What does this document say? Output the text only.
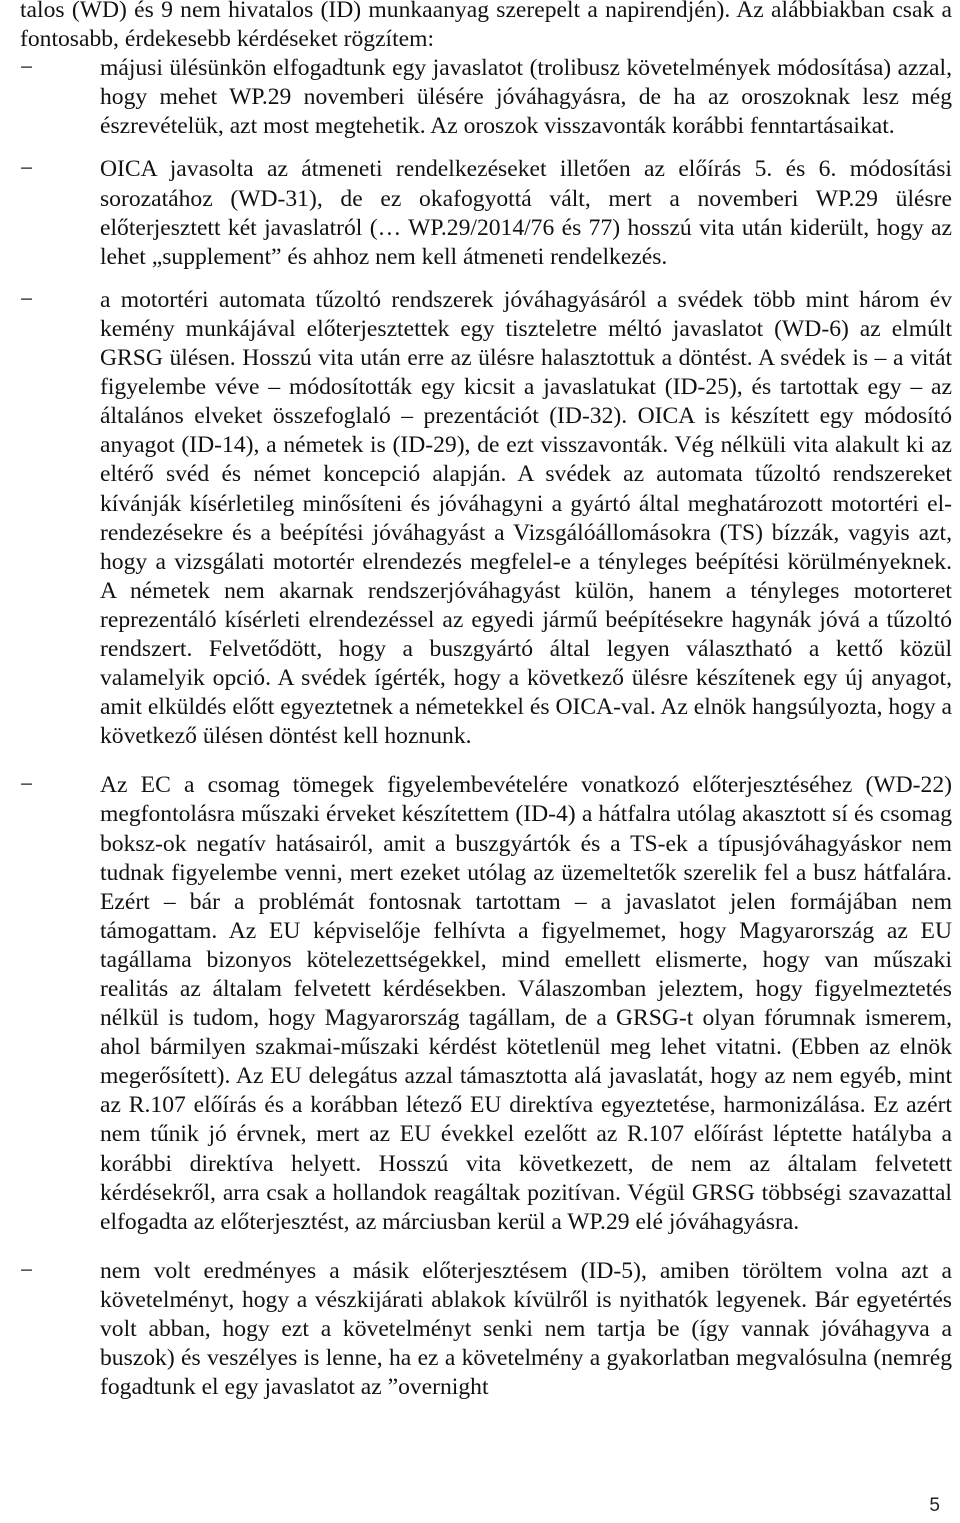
talos (WD) és 9 nem hivatalos (ID) munkaanyag szerepelt a napirendjén). Az alábbiakban csak a fontosabb, érdekesebb kérdéseket rögzítem:

−	májusi ülésünkön elfogadtunk egy javaslatot (trolibusz követelmények módosítása) azzal, hogy mehet WP.29 novemberi ülésére jóváhagyásra, de ha az oroszoknak lesz még észrevételük, azt most megtehetik. Az oroszok visszavonták korábbi fenntartásaikat.
−	OICA javasolta az átmeneti rendelkezéseket illetően az előírás 5. és 6. módosítási sorozatához (WD-31), de ez okafogyottá vált, mert a novemberi WP.29 ülésre előterjesztett két javaslatról (… WP.29/2014/76 és 77) hosszú vita után kiderült, hogy az lehet „supplement” és ahhoz nem kell átmeneti rendelkezés.
−	a motortéri automata tűzoltó rendszerek jóváhagyásáról a svédek több mint három év kemény munkájával előterjesztettek egy tiszteletre méltó javaslatot (WD-6) az elmúlt GRSG ülésen. Hosszú vita után erre az ülésre halasztottuk a döntést. A svédek is – a vitát figyelembe véve – módosították egy kicsit a javaslatukat (ID-25), és tartottak egy – az általános elveket összefoglaló – prezentációt (ID-32). OICA is készített egy módosító anyagot (ID-14), a németek is (ID-29), de ezt visszavonták. Vég nélküli vita alakult ki az eltérő svéd és német koncepció alapján. A svédek az automata tűzoltó rendszereket kívánják kísérletileg minősíteni és jóváhagyni a gyártó által meghatározott motortéri elrendezésekre és a beépítési jóváhagyást a Vizsgálóállomásokra (TS) bízzák, vagyis azt, hogy a vizsgálati motortér elrendezés megfelel-e a tényleges beépítési körülményeknek. A németek nem akarnak rendszerjóváhagyást külön, hanem a tényleges motorteret reprezentáló kísérleti elrendezéssel az egyedi jármű beépítésekre hagynák jóvá a tűzoltó rendszert. Felvetődött, hogy a buszgyártó által legyen választható a kettő közül valamelyik opció. A svédek ígérték, hogy a következő ülésre készítenek egy új anyagot, amit elküldés előtt egyeztetnek a németekkel és OICA-val. Az elnök hangsúlyozta, hogy a következő ülésen döntést kell hoznunk.
−	Az EC a csomag tömegek figyelembevételére vonatkozó előterjesztéséhez (WD-22) megfontolásra műszaki érveket készítettem (ID-4) a hátfalra utólag akasztott sí és csomag boksz-ok negatív hatásairól, amit a buszgyártók és a TS-ek a típusjóváhagyáskor nem tudnak figyelembe venni, mert ezeket utólag az üzemeltetők szerelik fel a busz hátfalára. Ezért – bár a problémát fontosnak tartottam – a javaslatot jelen formájában nem támogattam. Az EU képviselője felhívta a figyelmemet, hogy Magyarország az EU tagállama bizonyos kötelezettségekkel, mind emellett elismerte, hogy van műszaki realitás az általam felvetett kérdésekben. Válaszomban jeleztem, hogy figyelmeztetés nélkül is tudom, hogy Magyarország tagállam, de a GRSG-t olyan fórumnak ismerem, ahol bármilyen szakmai-műszaki kérdést kötetlenül meg lehet vitatni. (Ebben az elnök megerősített). Az EU delegátus azzal támasztotta alá javaslatát, hogy az nem egyéb, mint az R.107 előírás és a korábban létező EU direktíva egyeztetése, harmonizálása. Ez azért nem tűnik jó érvnek, mert az EU évekkel ezelőtt az R.107 előírást léptette hatályba a korábbi direktíva helyett. Hosszú vita következett, de nem az általam felvetett kérdésekről, arra csak a hollandok reagáltak pozitívan. Végül GRSG többségi szavazattal elfogadta az előterjesztést, az márciusban kerül a WP.29 elé jóváhagyásra.
−	nem volt eredményes a másik előterjesztésem (ID-5), amiben töröltem volna azt a követelményt, hogy a vészkijárati ablakok kívülről is nyithatók legyenek. Bár egyetértés volt abban, hogy ezt a követelményt senki nem tartja be (így vannak jóváhagyva a buszok) és veszélyes is lenne, ha ez a követelmény a gyakorlatban megvalósulna (nemrég fogadtunk el egy javaslatot az ”overnight
5
